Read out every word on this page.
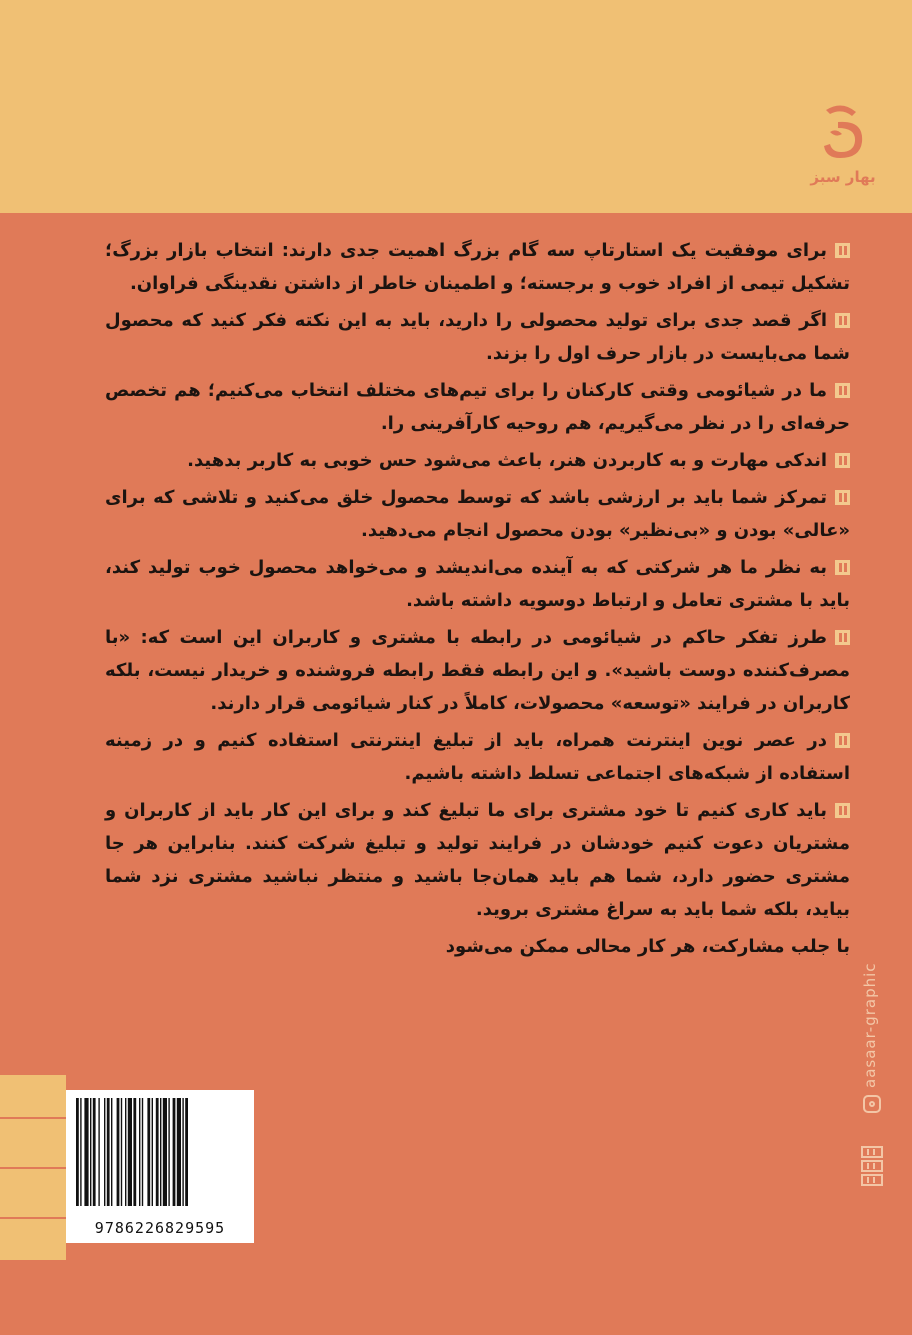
بهار سبز

برای موفقیت یک استارتاپ سه گام بزرگ اهمیت جدی دارند: انتخاب بازار بزرگ؛ تشکیل تیمی از افراد خوب و برجسته؛ و اطمینان خاطر از داشتن نقدینگی فراوان.

اگر قصد جدی برای تولید محصولی را دارید، باید به این نکته فکر کنید که محصول شما می‌بایست در بازار حرف اول را بزند.

ما در شیائومی وقتی کارکنان را برای تیم‌های مختلف انتخاب می‌کنیم؛ هم تخصص حرفه‌ای را در نظر می‌گیریم، هم روحیه کارآفرینی را.

اندکی مهارت و به کاربردن هنر، باعث می‌شود حس خوبی به کاربر بدهید.

تمرکز شما باید بر ارزشی باشد که توسط محصول خلق می‌کنید و تلاشی که برای «عالی» بودن و «بی‌نظیر» بودن محصول انجام می‌دهید.

به نظر ما هر شرکتی که به آینده می‌اندیشد و می‌خواهد محصول خوب تولید کند، باید با مشتری تعامل و ارتباط دوسویه داشته باشد.

طرز تفکر حاکم در شیائومی در رابطه با مشتری و کاربران این است که: «با مصرف‌کننده دوست باشید». و این رابطه فقط رابطه فروشنده و خریدار نیست، بلکه کاربران در فرایند «توسعه» محصولات، کاملاً در کنار شیائومی قرار دارند.

در عصر نوین اینترنت همراه، باید از تبلیغ اینترنتی استفاده کنیم و در زمینه استفاده از شبکه‌های اجتماعی تسلط داشته باشیم.

باید کاری کنیم تا خود مشتری برای ما تبلیغ کند و برای این کار باید از کاربران و مشتریان دعوت کنیم خودشان در فرایند تولید و تبلیغ شرکت کنند. بنابراین هر جا مشتری حضور دارد، شما هم باید همان‌جا باشید و منتظر نباشید مشتری نزد شما بیاید، بلکه شما باید به سراغ مشتری بروید.

با جلب مشارکت، هر کار محالی ممکن می‌شود

9786226829595
aasaar-graphic
